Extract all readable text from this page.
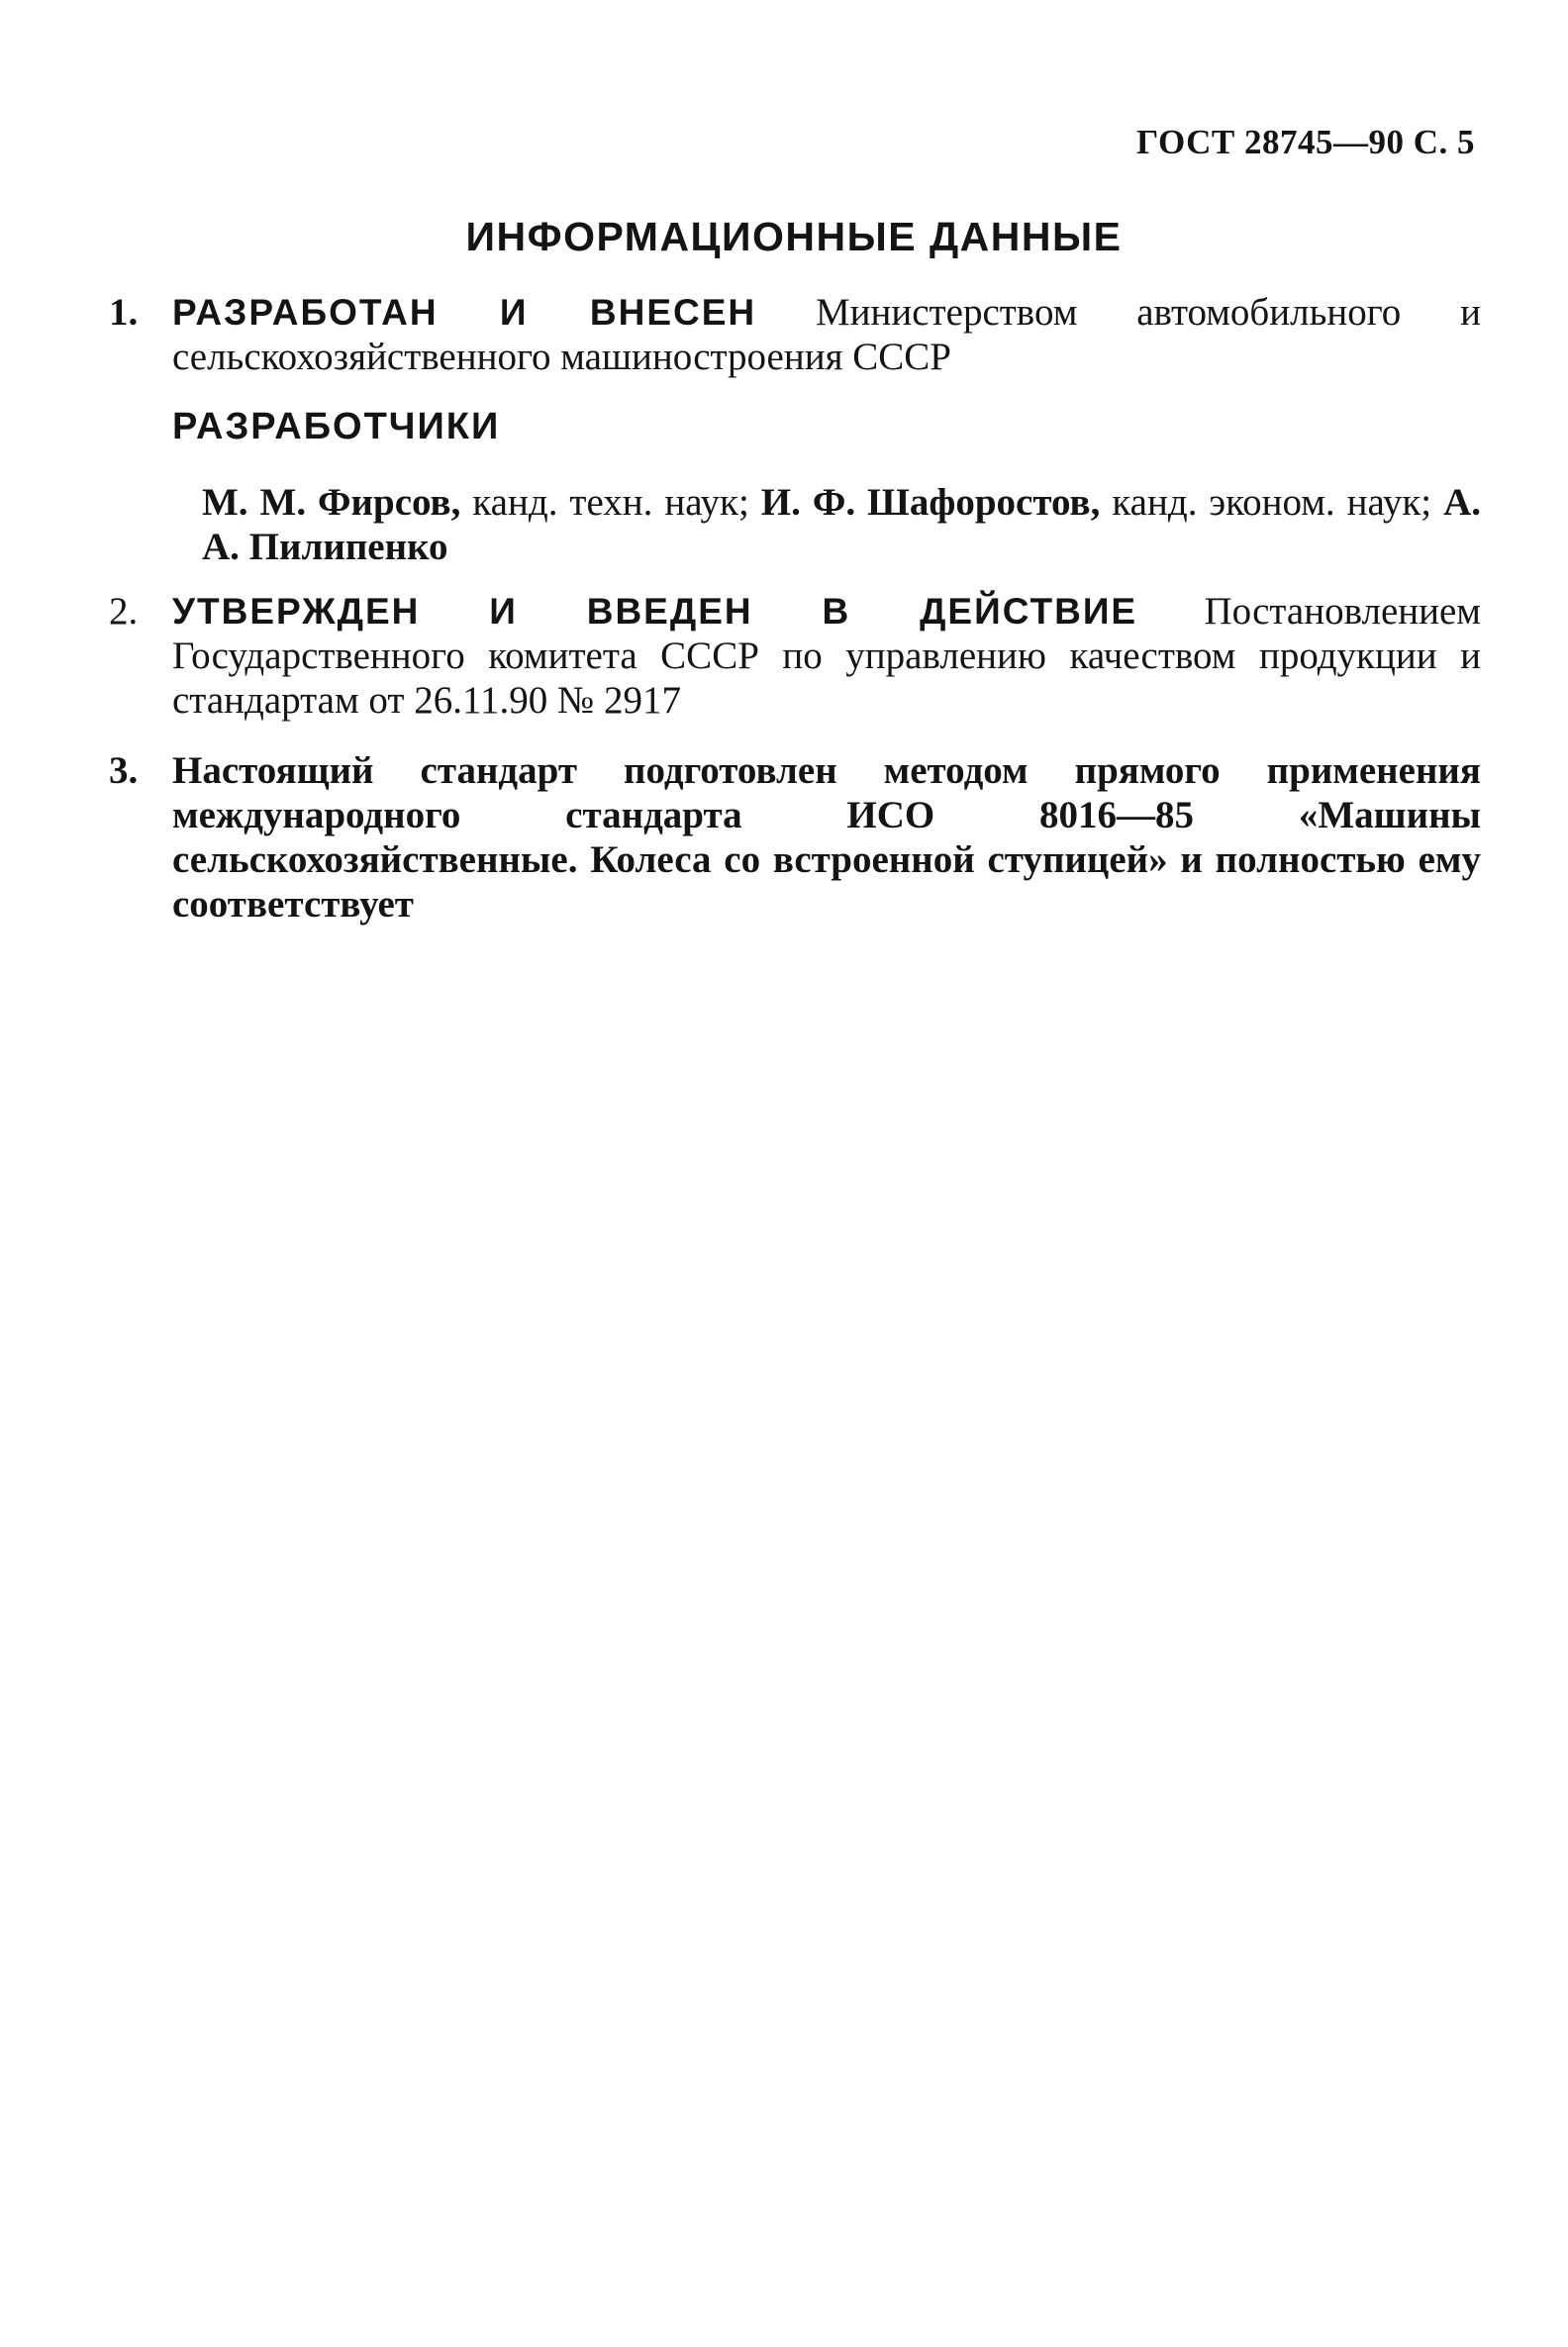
ГОСТ 28745—90 С. 5
ИНФОРМАЦИОННЫЕ ДАННЫЕ
1. РАЗРАБОТАН И ВНЕСЕН Министерством автомобильного и сельскохозяйственного машиностроения СССР
РАЗРАБОТЧИКИ
М. М. Фирсов, канд. техн. наук; И. Ф. Шафоростов, канд. эконом. наук; А. А. Пилипенко
2. УТВЕРЖДЕН И ВВЕДЕН В ДЕЙСТВИЕ Постановлением Государственного комитета СССР по управлению качеством продукции и стандартам от 26.11.90 № 2917
3. Настоящий стандарт подготовлен методом прямого применения международного стандарта ИСО 8016—85 «Машины сельскохозяйственные. Колеса со встроенной ступицей» и полностью ему соответствует
